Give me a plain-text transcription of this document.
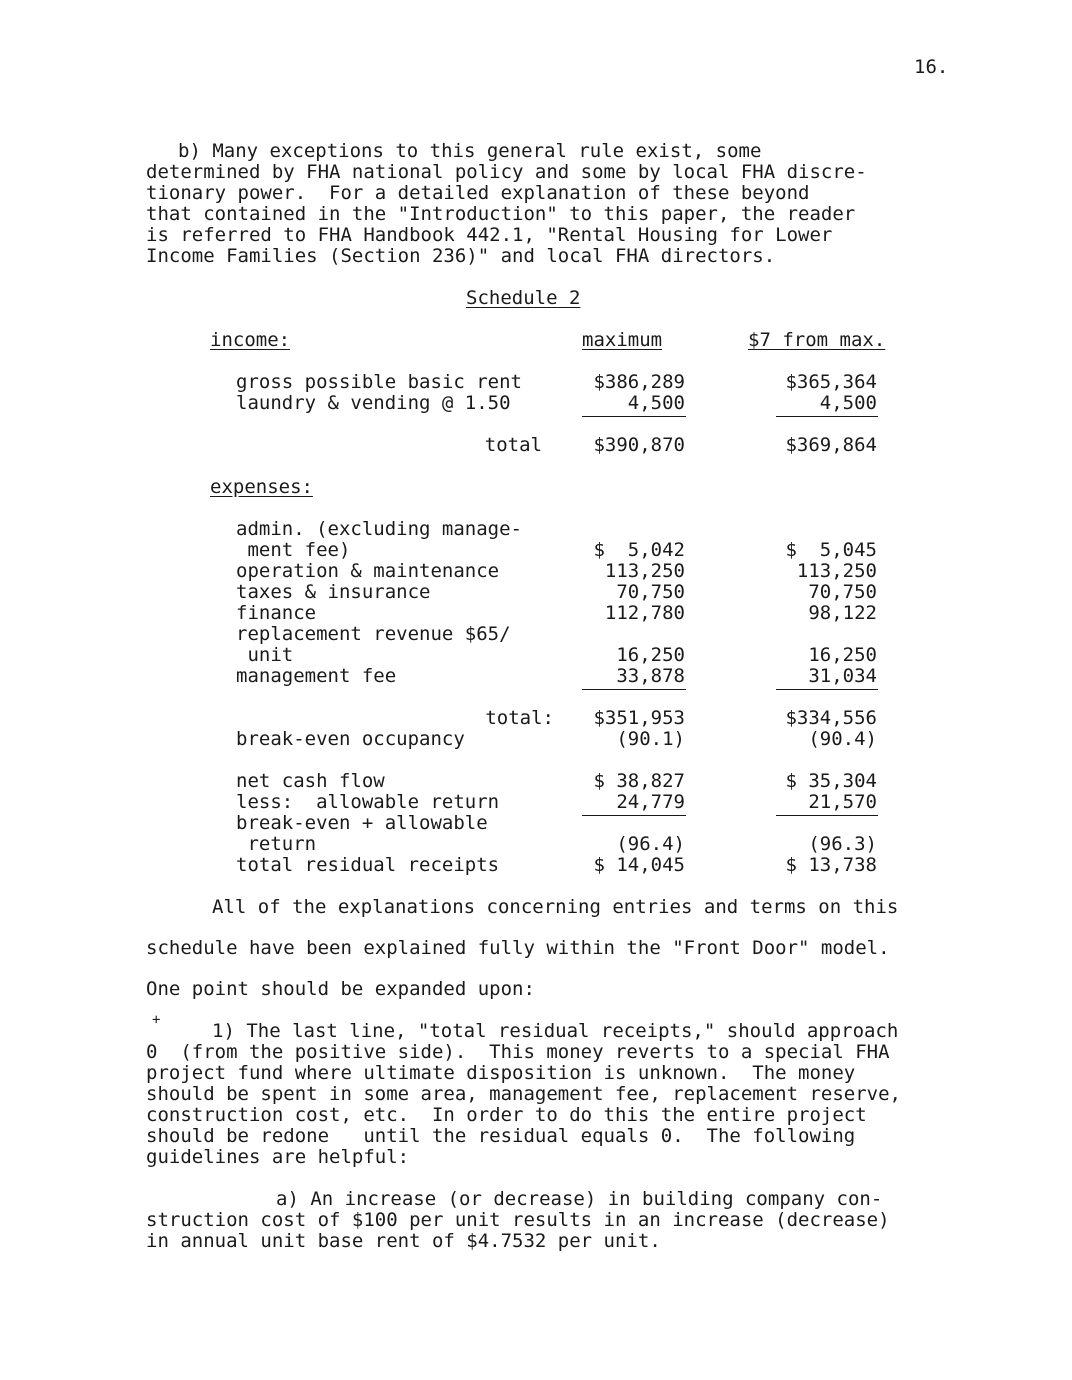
16.
b) Many exceptions to this general rule exist, some
determined by FHA national policy and some by local FHA discre-
tionary power.  For a detailed explanation of these beyond
that contained in the "Introduction" to this paper, the reader
is referred to FHA Handbook 442.1, "Rental Housing for Lower
Income Families (Section 236)" and local FHA directors.
Schedule 2
income:	maximum	$7 from max.
gross possible basic rent	$386,289	$365,364
laundry & vending @ 1.50	4,500	4,500
total	$390,870	$369,864
expenses:
admin. (excluding manage-
ment fee)	$  5,042	$  5,045
operation & maintenance	113,250	113,250
taxes & insurance	70,750	70,750
finance	112,780	98,122
replacement revenue $65/
unit	16,250	16,250
management fee	33,878	31,034
total:	$351,953	$334,556
break-even occupancy	(90.1)	(90.4)
net cash flow	$ 38,827	$ 35,304
less:  allowable return	24,779	21,570
break-even + allowable
return	(96.4)	(96.3)
total residual receipts	$ 14,045	$ 13,738
All of the explanations concerning entries and terms on this
schedule have been explained fully within the "Front Door" model.
One point should be expanded upon:
+	1) The last line, "total residual receipts," should approach
0  (from the positive side).  This money reverts to a special FHA
project fund where ultimate disposition is unknown.  The money
should be spent in some area, management fee, replacement reserve,
construction cost, etc.  In order to do this the entire project
should be redone   until the residual equals 0.  The following
guidelines are helpful:
a) An increase (or decrease) in building company con-
struction cost of $100 per unit results in an increase (decrease)
in annual unit base rent of $4.7532 per unit.
